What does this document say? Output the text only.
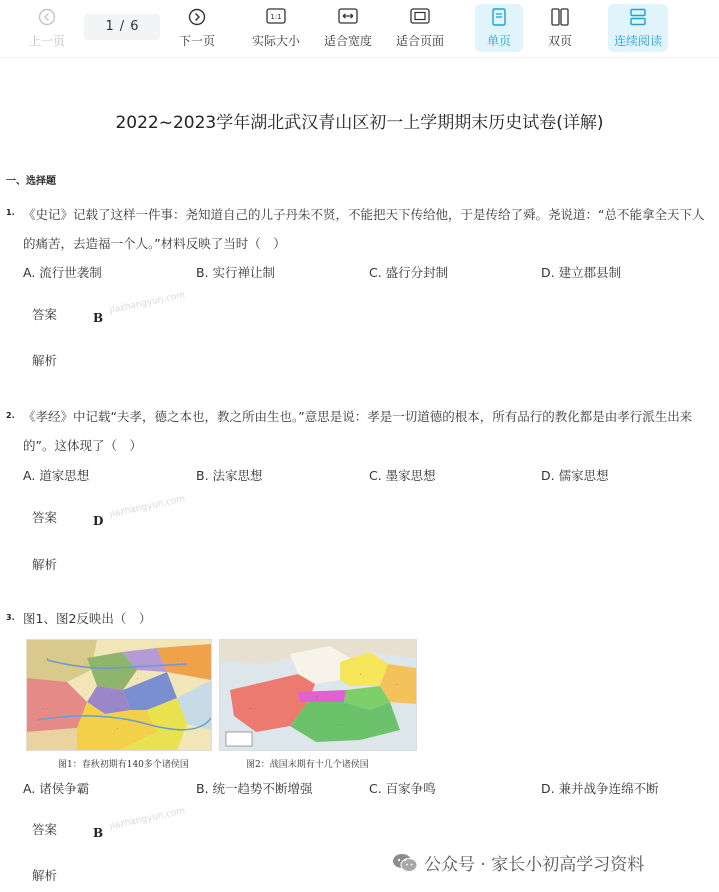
上一页
1 / 6
下一页
1:1
实际大小	适合宽度	适合页面	单页	双页	连续阅读
2022~2023学年湖北武汉青山区初一上学期期末历史试卷(详解)
一、选择题
1. 《史记》记载了这样一件事：尧知道自己的儿子丹朱不贤，不能把天下传给他，于是传给了舜。尧说道：“总不能拿全天下人
的痛苦，去造福一个人。”材料反映了当时（　）
A. 流行世袭制	B. 实行禅让制	C. 盛行分封制	D. 建立郡县制
答案	B
jiazhangyun.com
解析
2. 《孝经》中记载“夫孝，德之本也，教之所由生也。”意思是说：孝是一切道德的根本，所有品行的教化都是由孝行派生出来
的”。这体现了（　）
A. 道家思想	B. 法家思想	C. 墨家思想	D. 儒家思想
答案	D
jiazhangyun.com
解析
3. 图1、图2反映出（　）
·
·
·
·
·
·
·
·
·
·
·
图1：春秋初期有140多个诸侯国	图2：战国末期有十几个诸侯国
A. 诸侯争霸	B. 统一趋势不断增强	C. 百家争鸣	D. 兼并战争连绵不断
答案	B
jiazhangyun.com
解析
公众号 · 家长小初高学习资料
